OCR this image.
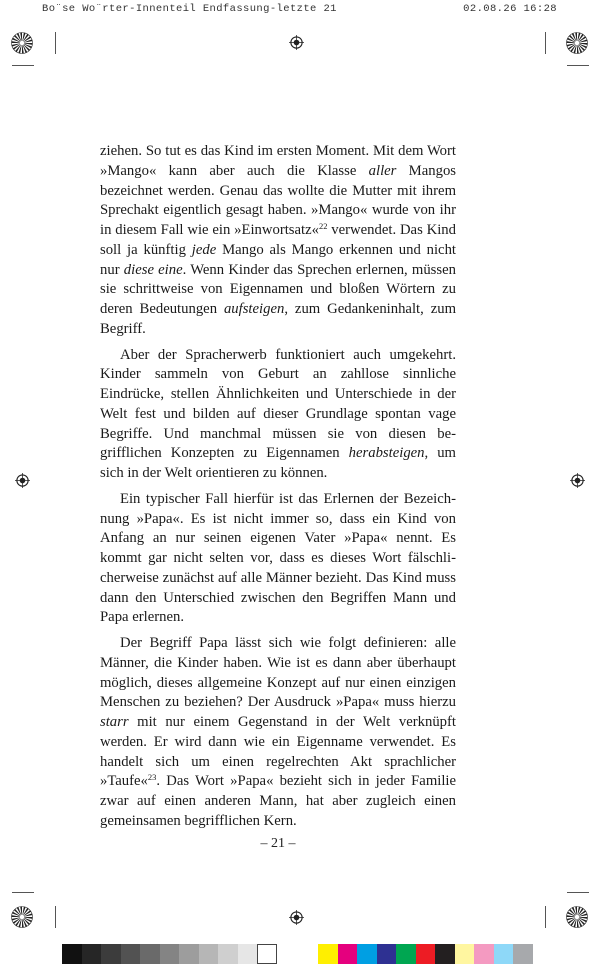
Bo¨se Wo¨rter-Innenteil Endfassung-letzte 21	02.08.26 16:28

ziehen. So tut es das Kind im ersten Moment. Mit dem Wort »Mango« kann aber auch die Klasse aller Mangos bezeichnet werden. Genau das wollte die Mutter mit ihrem Sprechakt eigentlich gesagt haben. »Mango« wurde von ihr in diesem Fall wie ein »Einwortsatz«$^{22}$ verwendet. Das Kind soll ja künftig jede Mango als Mango erkennen und nicht nur diese eine. Wenn Kinder das Sprechen erlernen, müssen sie schrittweise von Eigennamen und bloßen Wörtern zu deren Bedeutungen aufsteigen, zum Gedankeninhalt, zum Begriff.

Aber der Spracherwerb funktioniert auch umgekehrt. Kinder sammeln von Geburt an zahllose sinnliche Eindrücke, stellen Ähnlichkeiten und Unterschiede in der Welt fest und bilden auf dieser Grundlage spontan vage Begriffe. Und manchmal müssen sie von diesen begrifflichen Konzepten zu Eigennamen herabsteigen, um sich in der Welt orientieren zu können.

Ein typischer Fall hierfür ist das Erlernen der Bezeichnung »Papa«. Es ist nicht immer so, dass ein Kind von Anfang an nur seinen eigenen Vater »Papa« nennt. Es kommt gar nicht selten vor, dass es dieses Wort fälschlicherweise zunächst auf alle Männer bezieht. Das Kind muss dann den Unterschied zwischen den Begriffen Mann und Papa erlernen.

Der Begriff Papa lässt sich wie folgt definieren: alle Männer, die Kinder haben. Wie ist es dann aber überhaupt möglich, dieses allgemeine Konzept auf nur einen einzigen Menschen zu beziehen? Der Ausdruck »Papa« muss hierzu starr mit nur einem Gegenstand in der Welt verknüpft werden. Er wird dann wie ein Eigenname verwendet. Es handelt sich um einen regelrechten Akt sprachlicher »Taufe«$^{23}$. Das Wort »Papa« bezieht sich in jeder Familie zwar auf einen anderen Mann, hat aber zugleich einen gemeinsamen begrifflichen Kern.

– 21 –
